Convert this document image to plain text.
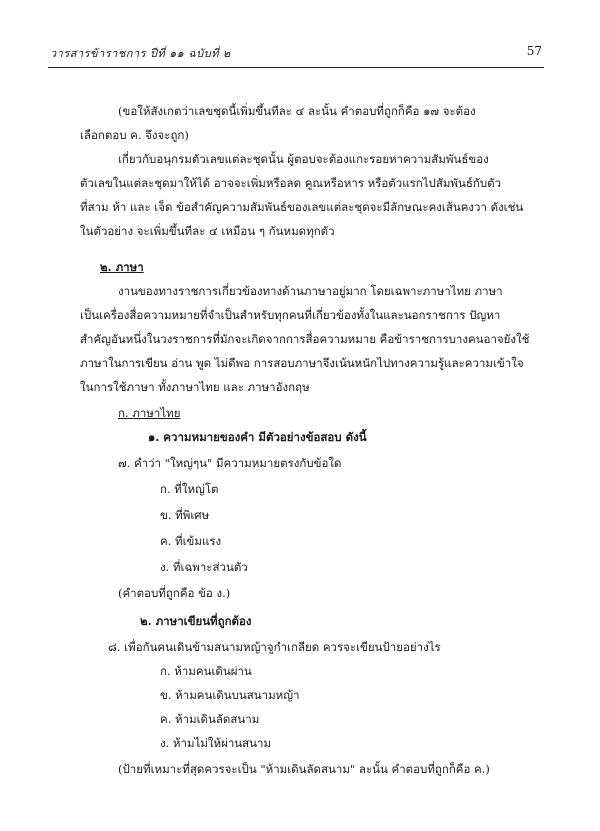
วารสารข้าราชการ ปีที่ ๑๑ ฉบับที่ ๒	57
(ขอให้สังเกตว่าเลขชุดนี้เพิ่มขึ้นทีละ ๔ ละนั้น คำตอบที่ถูกก็คือ ๑๗ จะต้อง
เลือกตอบ ค. จึงจะถูก)
เกี่ยวกับอนุกรมตัวเลขแต่ละชุดนั้น ผู้ตอบจะต้องแกะรอยหาความสัมพันธ์ของ
ตัวเลขในแต่ละชุดมาให้ได้ อาจจะเพิ่มหรือลด คูณหรือหาร หรือตัวแรกไปสัมพันธ์กับตัว
ที่สาม ห้า และ เจ็ด ข้อสำคัญความสัมพันธ์ของเลขแต่ละชุดจะมีลักษณะคงเส้นคงวา ดังเช่น
ในตัวอย่าง จะเพิ่มขึ้นทีละ ๔ เหมือน ๆ กันหมดทุกตัว
๒. ภาษา
งานของทางราชการเกี่ยวข้องทางด้านภาษาอยู่มาก โดยเฉพาะภาษาไทย ภาษา
เป็นเครื่องสื่อความหมายที่จำเป็นสำหรับทุกคนที่เกี่ยวข้องทั้งในและนอกราชการ ปัญหา
สำคัญอันหนึ่งในวงราชการที่มักจะเกิดจากการสื่อความหมาย คือข้าราชการบางคนอาจยังใช้
ภาษาในการเขียน อ่าน พูด ไม่ดีพอ การสอบภาษาจึงเน้นหนักไปทางความรู้และความเข้าใจ
ในการใช้ภาษา ทั้งภาษาไทย และ ภาษาอังกฤษ
ก. ภาษาไทย
๑. ความหมายของคำ มีตัวอย่างข้อสอบ ดังนี้
๗. คำว่า "ใหญ่ๆน" มีความหมายตรงกับข้อใด
ก. ที่ใหญ่โต
ข. ที่พิเศษ
ค. ที่เข้มแรง
ง. ที่เฉพาะส่วนตัว
(คำตอบที่ถูกคือ ข้อ ง.)
๒. ภาษาเขียนที่ถูกต้อง
๘. เพื่อกันคนเดินข้ามสนามหญ้าจูกำเกลียด ควรจะเขียนป้ายอย่างไร
ก. ห้ามคนเดินผ่าน
ข. ห้ามคนเดินบนสนามหญ้า
ค. ห้ามเดินลัดสนาม
ง. ห้ามไม่ให้ผ่านสนาม
(ป้ายที่เหมาะที่สุดควรจะเป็น "ห้ามเดินลัดสนาม" ละนั้น คำตอบที่ถูกก็คือ ค.)
